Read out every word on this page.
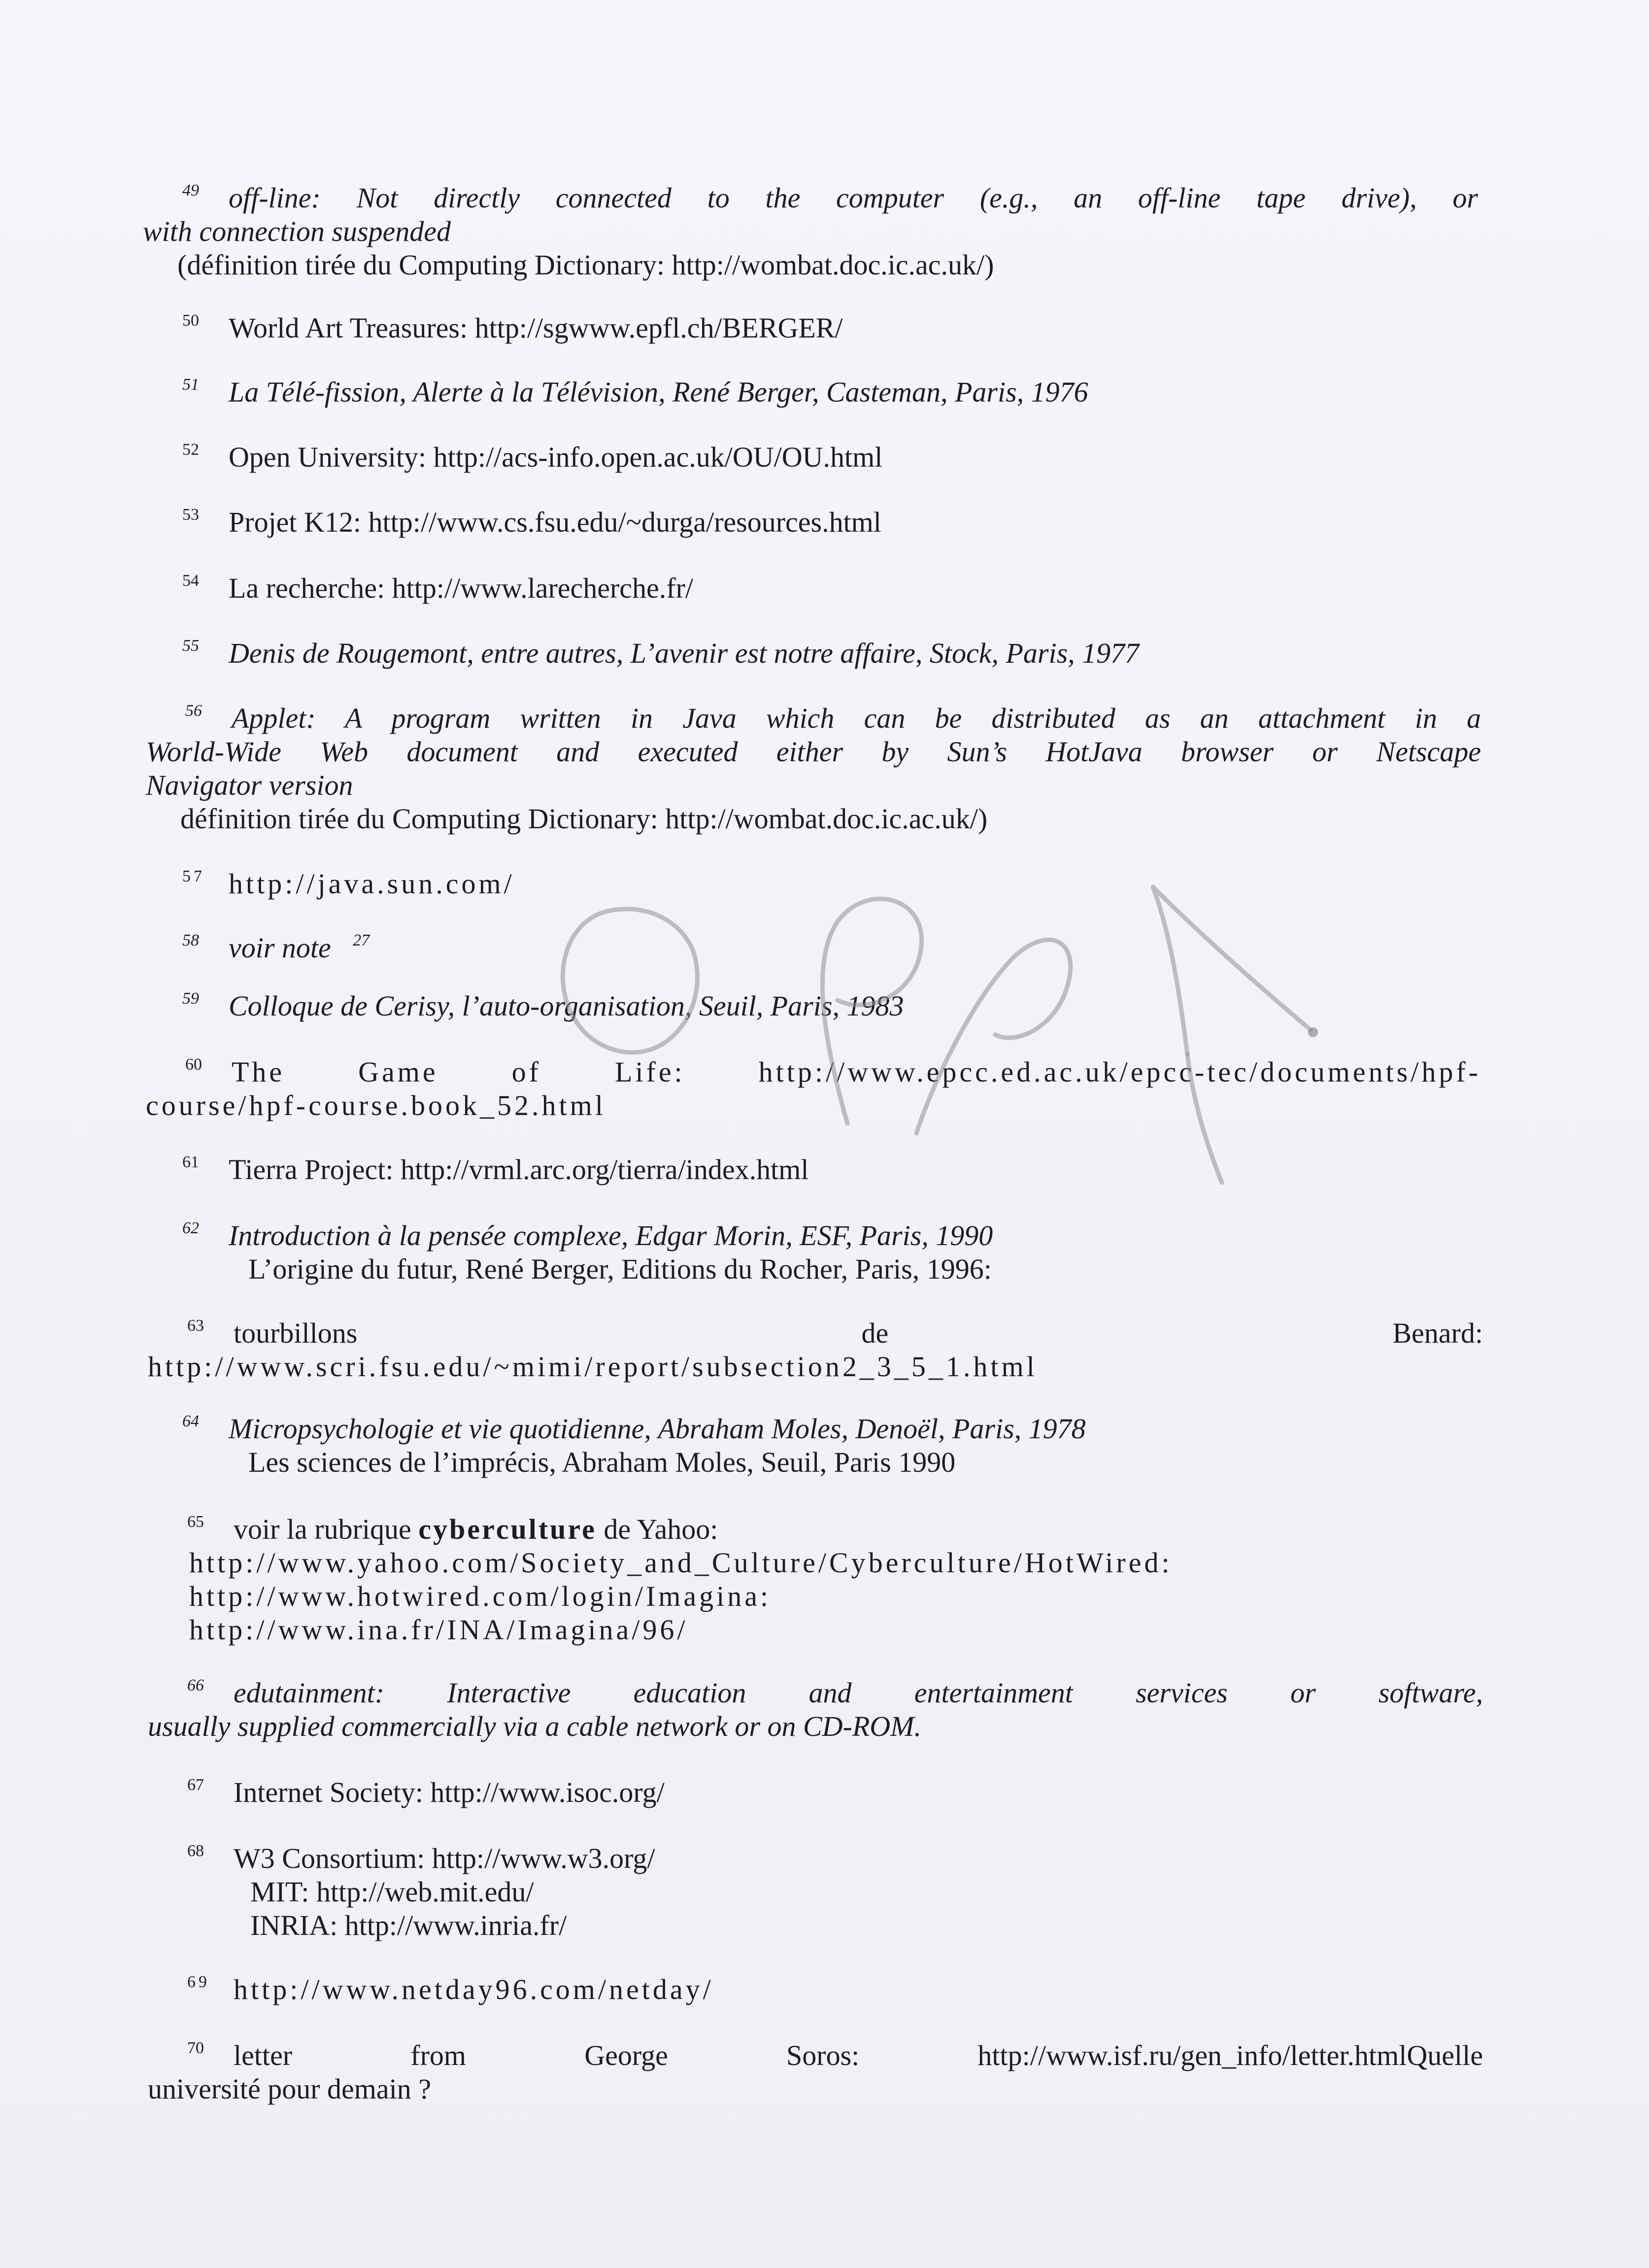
49 off-line: Not directly connected to the computer (e.g., an off-line tape drive), or
with connection suspended
(définition tirée du Computing Dictionary: http://wombat.doc.ic.ac.uk/)
50 World Art Treasures: http://sgwww.epfl.ch/BERGER/
51 La Télé-fission, Alerte à la Télévision, René Berger, Casteman, Paris, 1976
52 Open University: http://acs-info.open.ac.uk/OU/OU.html
53 Projet K12: http://www.cs.fsu.edu/~durga/resources.html
54 La recherche: http://www.larecherche.fr/
55 Denis de Rougemont, entre autres, L’avenir est notre affaire, Stock, Paris, 1977
56 Applet: A program written in Java which can be distributed as an attachment in a
World-Wide Web document and executed either by Sun’s HotJava browser or Netscape
Navigator version
définition tirée du Computing Dictionary: http://wombat.doc.ic.ac.uk/)
57 http://java.sun.com/
58 voir note 27
59 Colloque de Cerisy, l’auto-organisation, Seuil, Paris, 1983
60 The Game of Life: http://www.epcc.ed.ac.uk/epcc-tec/documents/hpf-
course/hpf-course.book_52.html
61 Tierra Project: http://vrml.arc.org/tierra/index.html
62 Introduction à la pensée complexe, Edgar Morin, ESF, Paris, 1990
L’origine du futur, René Berger, Editions du Rocher, Paris, 1996:
63 tourbillons	de	Benard:
http://www.scri.fsu.edu/~mimi/report/subsection2_3_5_1.html
64 Micropsychologie et vie quotidienne, Abraham Moles, Denoël, Paris, 1978
Les sciences de l’imprécis, Abraham Moles, Seuil, Paris 1990
65 voir la rubrique cyberculture de Yahoo:
http://www.yahoo.com/Society_and_Culture/Cyberculture/HotWired:
http://www.hotwired.com/login/Imagina:
http://www.ina.fr/INA/Imagina/96/
66 edutainment: Interactive education and entertainment services or software,
usually supplied commercially via a cable network or on CD-ROM.
67 Internet Society: http://www.isoc.org/
68 W3 Consortium: http://www.w3.org/
MIT: http://web.mit.edu/
INRIA: http://www.inria.fr/
69 http://www.netday96.com/netday/
70 letter from George Soros: http://www.isf.ru/gen_info/letter.htmlQuelle
université pour demain ?
